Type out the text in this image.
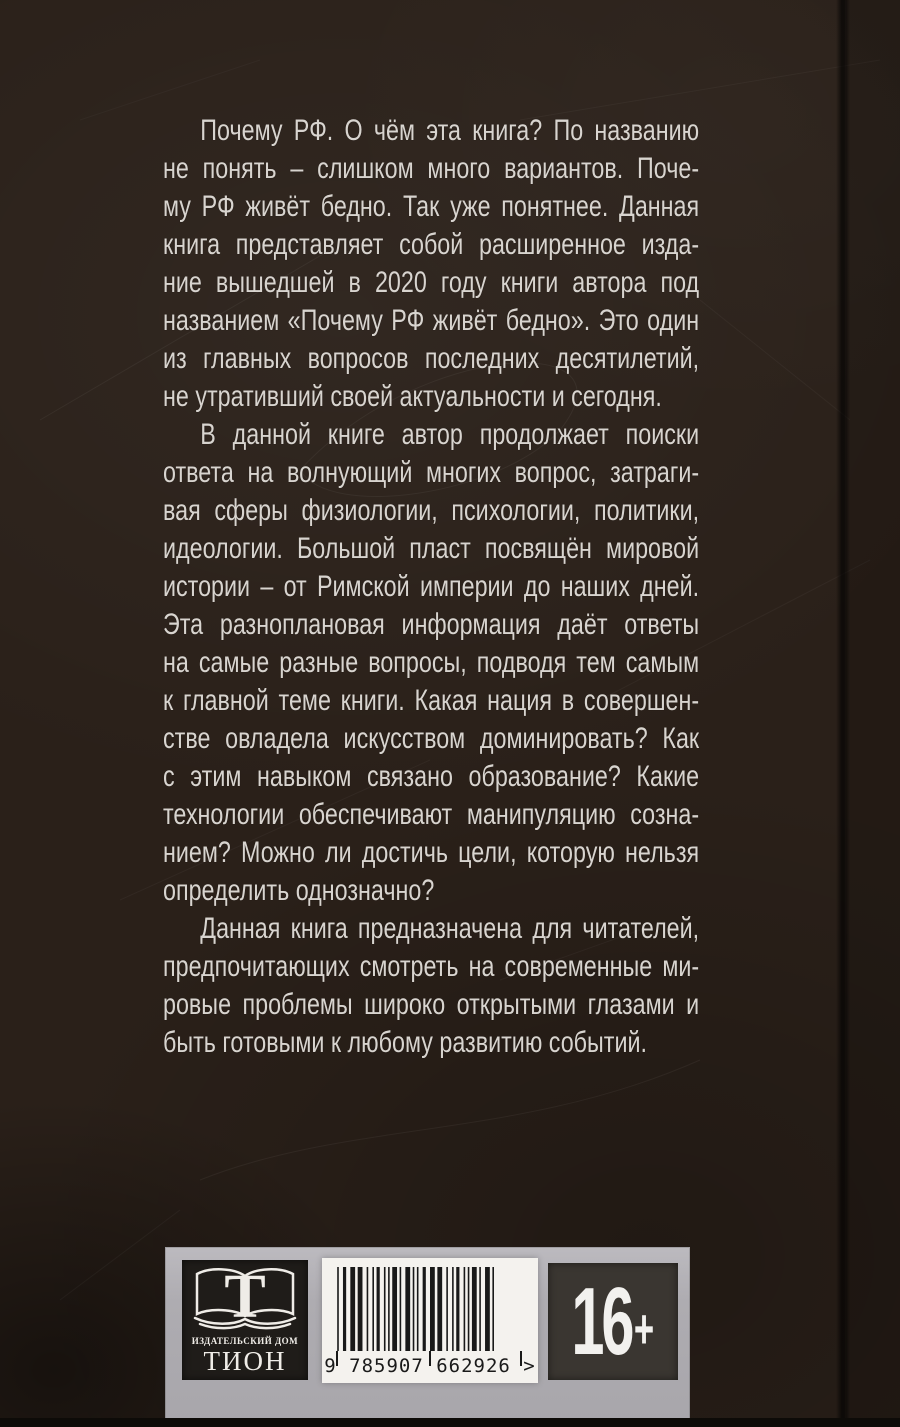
Почему РФ. О чём эта книга? По названию
не понять – слишком много вариантов. Поче-
му РФ живёт бедно. Так уже понятнее. Данная
книга представляет собой расширенное изда-
ние вышедшей в 2020 году книги автора под
названием «Почему РФ живёт бедно». Это один
из главных вопросов последних десятилетий,
не утративший своей актуальности и сегодня.
В данной книге автор продолжает поиски
ответа на волнующий многих вопрос, затраги-
вая сферы физиологии, психологии, политики,
идеологии. Большой пласт посвящён мировой
истории – от Римской империи до наших дней.
Эта разноплановая информация даёт ответы
на самые разные вопросы, подводя тем самым
к главной теме книги. Какая нация в совершен-
стве овладела искусством доминировать? Как
с этим навыком связано образование? Какие
технологии обеспечивают манипуляцию созна-
нием? Можно ли достичь цели, которую нельзя
определить однозначно?
Данная книга предназначена для читателей,
предпочитающих смотреть на современные ми-
ровые проблемы широко открытыми глазами и
быть готовыми к любому развитию событий.
Т
ИЗДАТЕЛЬСКИЙ ДОМ
ТИОН	9 785907 662926 > 16 +
